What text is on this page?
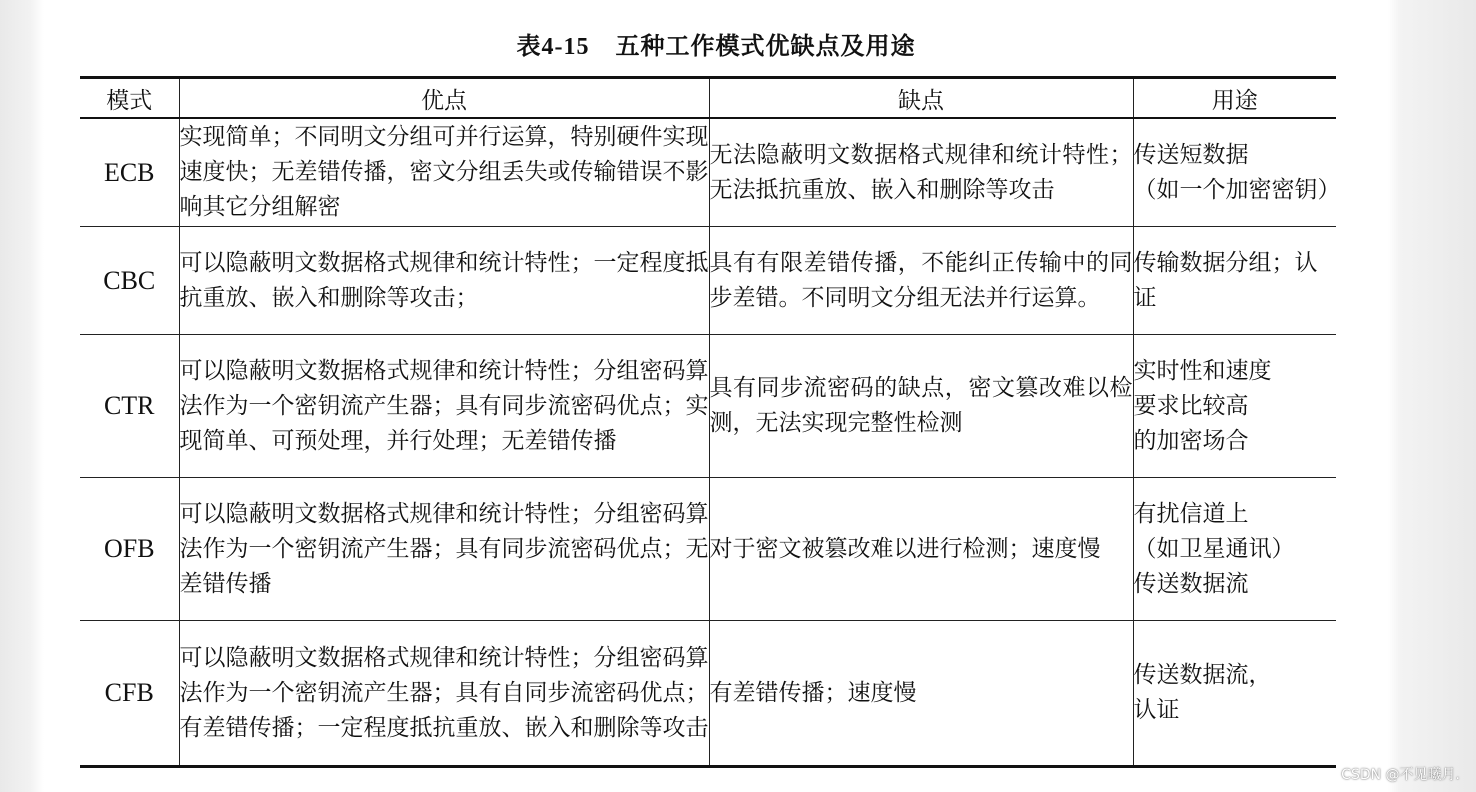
表4-15 五种工作模式优缺点及用途
模式	优点	缺点	用途
ECB	实现简单；不同明文分组可并行运算，特别硬件实现速度快；无差错传播，密文分组丢失或传输错误不影响其它分组解密	无法隐蔽明文数据格式规律和统计特性；无法抵抗重放、嵌入和删除等攻击	传送短数据
（如一个加密密钥）
CBC	可以隐蔽明文数据格式规律和统计特性；一定程度抵抗重放、嵌入和删除等攻击；	具有有限差错传播，不能纠正传输中的同步差错。不同明文分组无法并行运算。	传输数据分组；认证
CTR	可以隐蔽明文数据格式规律和统计特性；分组密码算法作为一个密钥流产生器；具有同步流密码优点；实现简单、可预处理，并行处理；无差错传播	具有同步流密码的缺点，密文篡改难以检测，无法实现完整性检测	实时性和速度
要求比较高
的加密场合
OFB	可以隐蔽明文数据格式规律和统计特性；分组密码算法作为一个密钥流产生器；具有同步流密码优点；无差错传播	对于密文被篡改难以进行检测；速度慢	有扰信道上
（如卫星通讯）
传送数据流
CFB	可以隐蔽明文数据格式规律和统计特性；分组密码算法作为一个密钥流产生器；具有自同步流密码优点；有差错传播；一定程度抵抗重放、嵌入和删除等攻击	有差错传播；速度慢	传送数据流，
认证
CSDN @不见曦月.
